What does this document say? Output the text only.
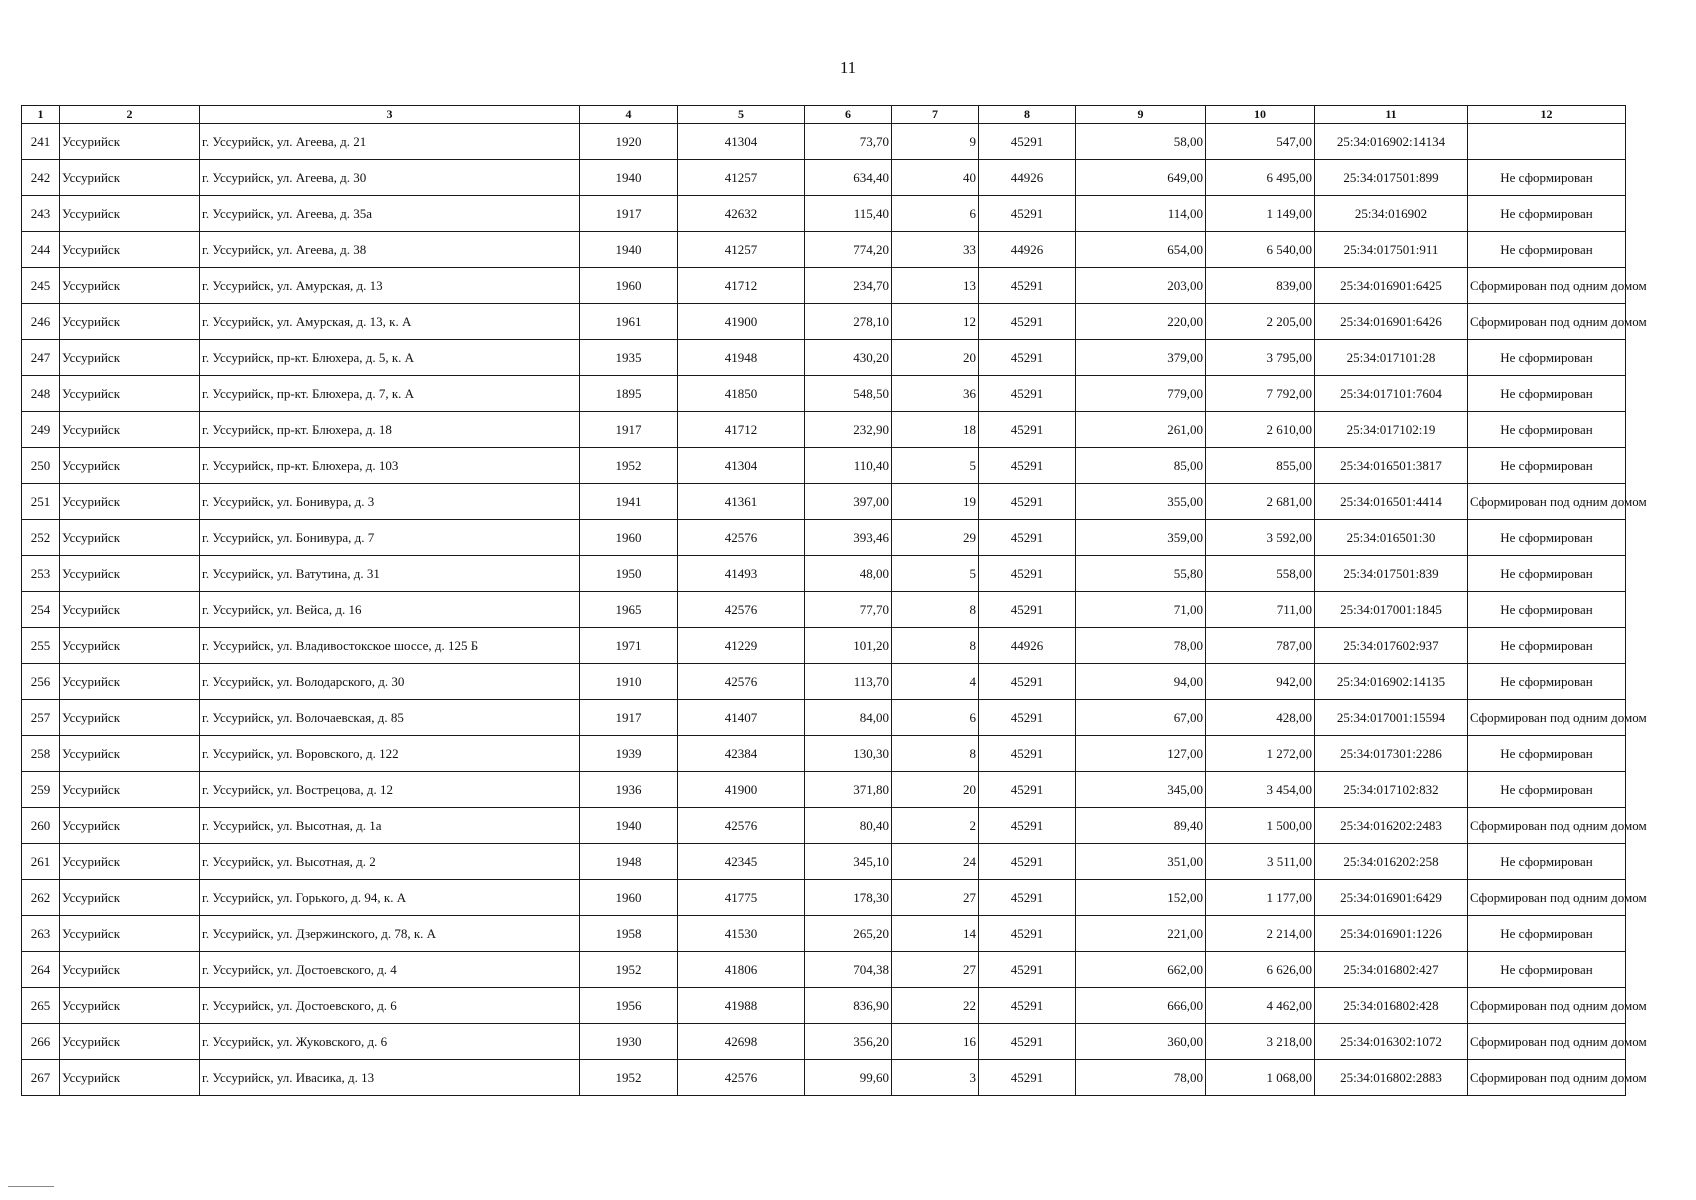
11
1	2	3	4	5	6	7	8	9	10	11	12
241	Уссурийск	г. Уссурийск, ул. Агеева, д. 21	1920	41304	73,70	9	45291	58,00	547,00	25:34:016902:14134	
242	Уссурийск	г. Уссурийск, ул. Агеева, д. 30	1940	41257	634,40	40	44926	649,00	6 495,00	25:34:017501:899	Не сформирован
243	Уссурийск	г. Уссурийск, ул. Агеева, д. 35а	1917	42632	115,40	6	45291	114,00	1 149,00	25:34:016902	Не сформирован
244	Уссурийск	г. Уссурийск, ул. Агеева, д. 38	1940	41257	774,20	33	44926	654,00	6 540,00	25:34:017501:911	Не сформирован
245	Уссурийск	г. Уссурийск, ул. Амурская, д. 13	1960	41712	234,70	13	45291	203,00	839,00	25:34:016901:6425	Сформирован под одним домом
246	Уссурийск	г. Уссурийск, ул. Амурская, д. 13, к. А	1961	41900	278,10	12	45291	220,00	2 205,00	25:34:016901:6426	Сформирован под одним домом
247	Уссурийск	г. Уссурийск, пр-кт. Блюхера, д. 5, к. А	1935	41948	430,20	20	45291	379,00	3 795,00	25:34:017101:28	Не сформирован
248	Уссурийск	г. Уссурийск, пр-кт. Блюхера, д. 7, к. А	1895	41850	548,50	36	45291	779,00	7 792,00	25:34:017101:7604	Не сформирован
249	Уссурийск	г. Уссурийск, пр-кт. Блюхера, д. 18	1917	41712	232,90	18	45291	261,00	2 610,00	25:34:017102:19	Не сформирован
250	Уссурийск	г. Уссурийск, пр-кт. Блюхера, д. 103	1952	41304	110,40	5	45291	85,00	855,00	25:34:016501:3817	Не сформирован
251	Уссурийск	г. Уссурийск, ул. Бонивура, д. 3	1941	41361	397,00	19	45291	355,00	2 681,00	25:34:016501:4414	Сформирован под одним домом
252	Уссурийск	г. Уссурийск, ул. Бонивура, д. 7	1960	42576	393,46	29	45291	359,00	3 592,00	25:34:016501:30	Не сформирован
253	Уссурийск	г. Уссурийск, ул. Ватутина, д. 31	1950	41493	48,00	5	45291	55,80	558,00	25:34:017501:839	Не сформирован
254	Уссурийск	г. Уссурийск, ул. Вейса, д. 16	1965	42576	77,70	8	45291	71,00	711,00	25:34:017001:1845	Не сформирован
255	Уссурийск	г. Уссурийск, ул. Владивостокское шоссе, д. 125 Б	1971	41229	101,20	8	44926	78,00	787,00	25:34:017602:937	Не сформирован
256	Уссурийск	г. Уссурийск, ул. Володарского, д. 30	1910	42576	113,70	4	45291	94,00	942,00	25:34:016902:14135	Не сформирован
257	Уссурийск	г. Уссурийск, ул. Волочаевская, д. 85	1917	41407	84,00	6	45291	67,00	428,00	25:34:017001:15594	Сформирован под одним домом
258	Уссурийск	г. Уссурийск, ул. Воровского, д. 122	1939	42384	130,30	8	45291	127,00	1 272,00	25:34:017301:2286	Не сформирован
259	Уссурийск	г. Уссурийск, ул. Вострецова, д. 12	1936	41900	371,80	20	45291	345,00	3 454,00	25:34:017102:832	Не сформирован
260	Уссурийск	г. Уссурийск, ул. Высотная, д. 1а	1940	42576	80,40	2	45291	89,40	1 500,00	25:34:016202:2483	Сформирован под одним домом
261	Уссурийск	г. Уссурийск, ул. Высотная, д. 2	1948	42345	345,10	24	45291	351,00	3 511,00	25:34:016202:258	Не сформирован
262	Уссурийск	г. Уссурийск, ул. Горького, д. 94, к. А	1960	41775	178,30	27	45291	152,00	1 177,00	25:34:016901:6429	Сформирован под одним домом
263	Уссурийск	г. Уссурийск, ул. Дзержинского, д. 78, к. А	1958	41530	265,20	14	45291	221,00	2 214,00	25:34:016901:1226	Не сформирован
264	Уссурийск	г. Уссурийск, ул. Достоевского, д. 4	1952	41806	704,38	27	45291	662,00	6 626,00	25:34:016802:427	Не сформирован
265	Уссурийск	г. Уссурийск, ул. Достоевского, д. 6	1956	41988	836,90	22	45291	666,00	4 462,00	25:34:016802:428	Сформирован под одним домом
266	Уссурийск	г. Уссурийск, ул. Жуковского, д. 6	1930	42698	356,20	16	45291	360,00	3 218,00	25:34:016302:1072	Сформирован под одним домом
267	Уссурийск	г. Уссурийск, ул. Ивасика, д. 13	1952	42576	99,60	3	45291	78,00	1 068,00	25:34:016802:2883	Сформирован под одним домом
